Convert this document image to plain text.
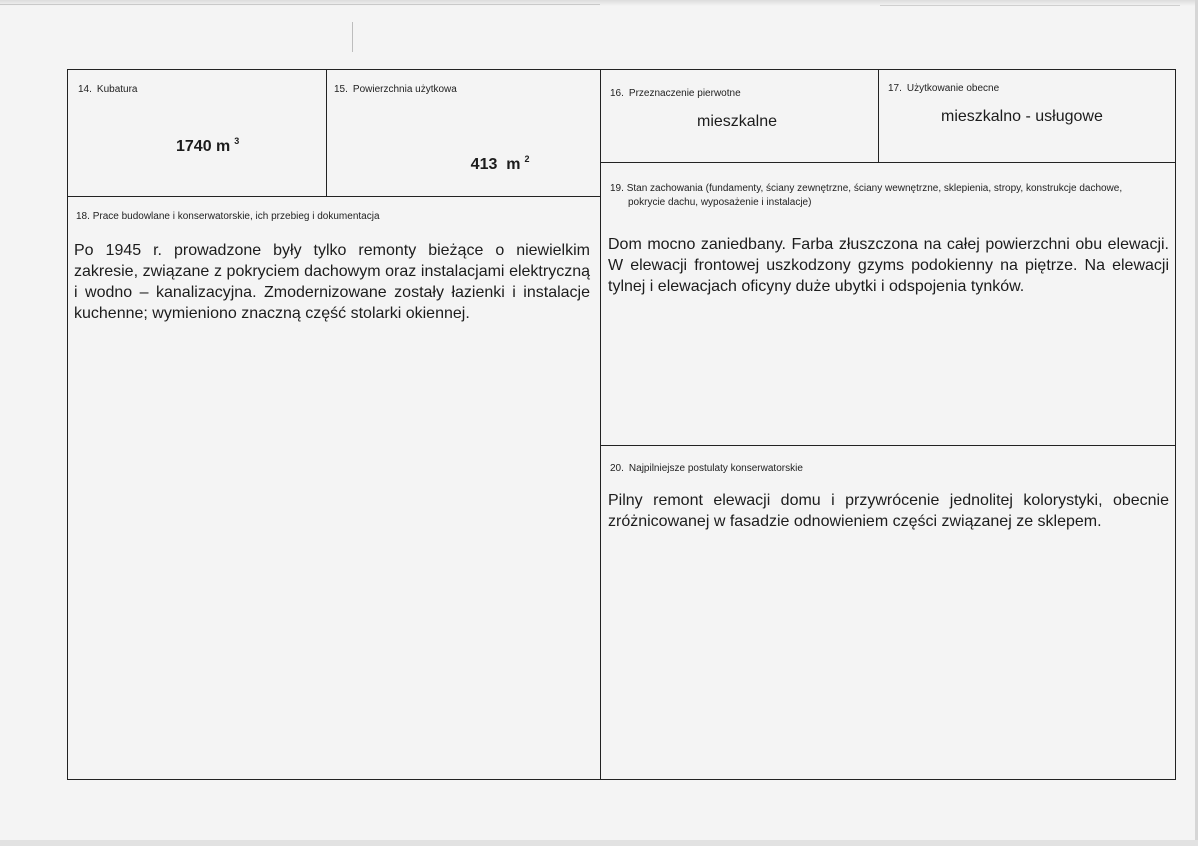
14. Kubatura
1740 m $^3$
15. Powierzchnia użytkowa

413  m $^2$

16. Przeznaczenie pierwotne
mieszkalne
17. Użytkowanie obecne
mieszkalno - usługowe
18. Prace budowlane i konserwatorskie, ich przebieg i dokumentacja
Po 1945 r. prowadzone były tylko remonty bieżące o niewielkim zakresie, związane z pokryciem dachowym oraz instalacjami elektryczną i wodno – kanalizacyjna. Zmodernizowane zostały łazienki i instalacje kuchenne; wymieniono znaczną część stolarki okiennej.
19. Stan zachowania (fundamenty, ściany zewnętrzne, ściany wewnętrzne, sklepienia, stropy, konstrukcje dachowe, pokrycie dachu, wyposażenie i instalacje)
Dom mocno zaniedbany. Farba złuszczona na całej powierzchni obu elewacji. W elewacji frontowej uszkodzony gzyms podokienny na piętrze. Na elewacji tylnej i elewacjach oficyny duże ubytki i odspojenia tynków.
20. Najpilniejsze postulaty konserwatorskie
Pilny remont elewacji domu i przywrócenie jednolitej kolorystyki, obecnie zróżnicowanej w fasadzie odnowieniem części związanej ze sklepem.
